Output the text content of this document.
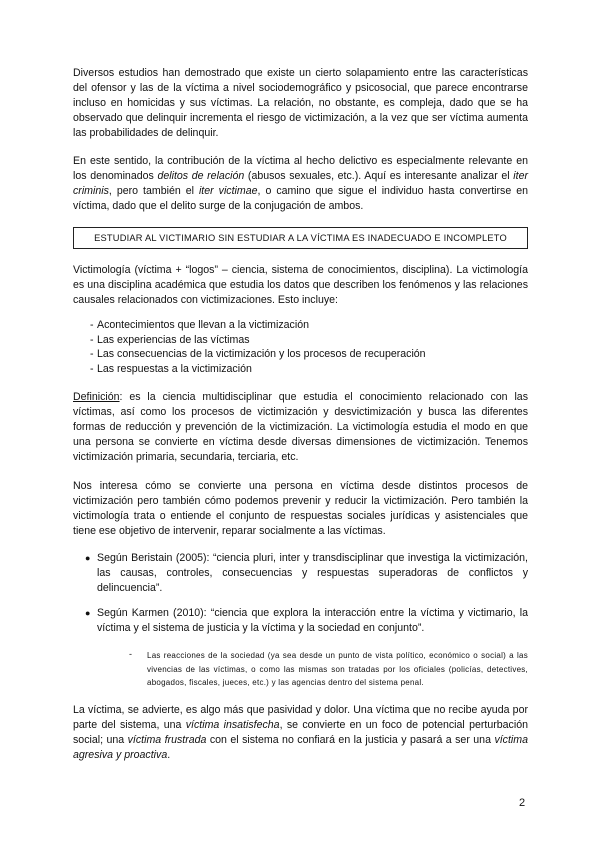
Diversos estudios han demostrado que existe un cierto solapamiento entre las características del ofensor y las de la víctima a nivel sociodemográfico y psicosocial, que parece encontrarse incluso en homicidas y sus víctimas. La relación, no obstante, es compleja, dado que se ha observado que delinquir incrementa el riesgo de victimización, a la vez que ser víctima aumenta las probabilidades de delinquir.

En este sentido, la contribución de la víctima al hecho delictivo es especialmente relevante en los denominados delitos de relación (abusos sexuales, etc.). Aquí es interesante analizar el iter criminis, pero también el iter victimae, o camino que sigue el individuo hasta convertirse en víctima, dado que el delito surge de la conjugación de ambos.

ESTUDIAR AL VICTIMARIO SIN ESTUDIAR A LA VÍCTIMA ES INADECUADO E INCOMPLETO

Victimología (víctima + “logos” – ciencia, sistema de conocimientos, disciplina). La victimología es una disciplina académica que estudia los datos que describen los fenómenos y las relaciones causales relacionados con victimizaciones. Esto incluye:

- Acontecimientos que llevan a la victimización
- Las experiencias de las víctimas
- Las consecuencias de la victimización y los procesos de recuperación
- Las respuestas a la victimización

Definición: es la ciencia multidisciplinar que estudia el conocimiento relacionado con las víctimas, así como los procesos de victimización y desvictimización y busca las diferentes formas de reducción y prevención de la victimización. La victimología estudia el modo en que una persona se convierte en víctima desde diversas dimensiones de victimización. Tenemos victimización primaria, secundaria, terciaria, etc.

Nos interesa cómo se convierte una persona en víctima desde distintos procesos de victimización pero también cómo podemos prevenir y reducir la victimización. Pero también la victimología trata o entiende el conjunto de respuestas sociales jurídicas y asistenciales que tiene ese objetivo de intervenir, reparar socialmente a las víctimas.

● Según Beristain (2005): “ciencia pluri, inter y transdisciplinar que investiga la victimización, las causas, controles, consecuencias y respuestas superadoras de conflictos y delincuencia”.
● Según Karmen (2010): “ciencia que explora la interacción entre la víctima y victimario, la víctima y el sistema de justicia y la víctima y la sociedad en conjunto”.
- Las reacciones de la sociedad (ya sea desde un punto de vista político, económico o social) a las vivencias de las víctimas, o como las mismas son tratadas por los oficiales (policías, detectives, abogados, fiscales, jueces, etc.) y las agencias dentro del sistema penal.

La víctima, se advierte, es algo más que pasividad y dolor. Una víctima que no recibe ayuda por parte del sistema, una víctima insatisfecha, se convierte en un foco de potencial perturbación social; una víctima frustrada con el sistema no confiará en la justicia y pasará a ser una víctima agresiva y proactiva.

2
